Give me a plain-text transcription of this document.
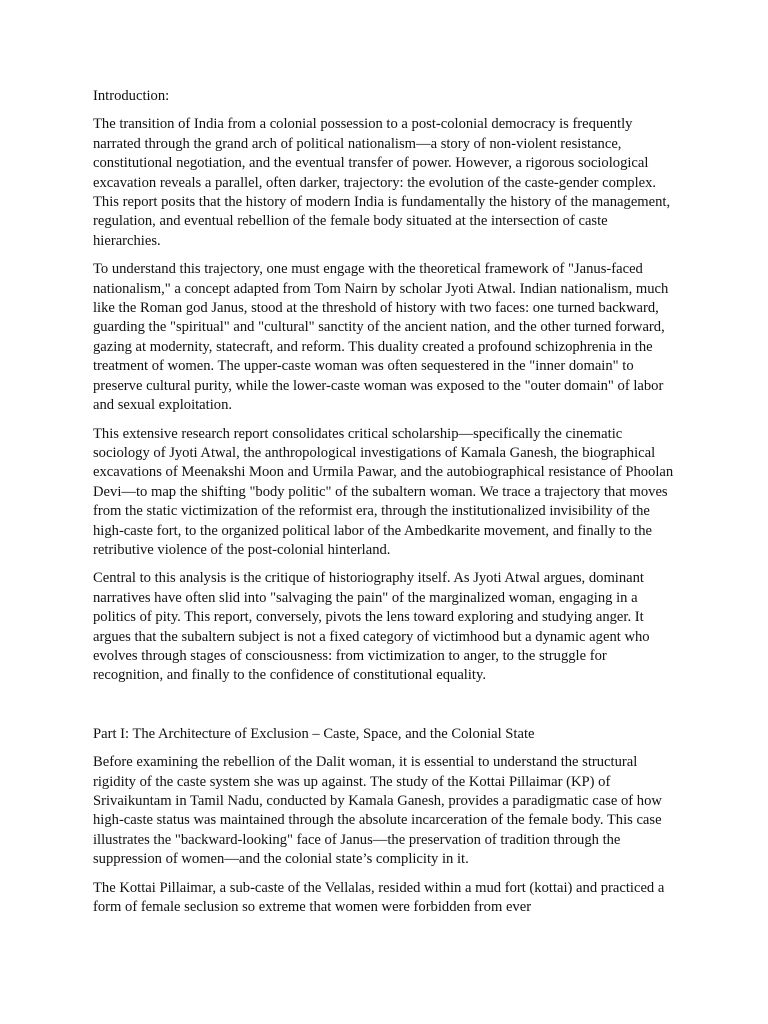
Introduction:

The transition of India from a colonial possession to a post-colonial democracy is frequently narrated through the grand arch of political nationalism—a story of non-violent resistance, constitutional negotiation, and the eventual transfer of power. However, a rigorous sociological excavation reveals a parallel, often darker, trajectory: the evolution of the caste-gender complex. This report posits that the history of modern India is fundamentally the history of the management, regulation, and eventual rebellion of the female body situated at the intersection of caste hierarchies.

To understand this trajectory, one must engage with the theoretical framework of "Janus-faced nationalism," a concept adapted from Tom Nairn by scholar Jyoti Atwal. Indian nationalism, much like the Roman god Janus, stood at the threshold of history with two faces: one turned backward, guarding the "spiritual" and "cultural" sanctity of the ancient nation, and the other turned forward, gazing at modernity, statecraft, and reform. This duality created a profound schizophrenia in the treatment of women. The upper-caste woman was often sequestered in the "inner domain" to preserve cultural purity, while the lower-caste woman was exposed to the "outer domain" of labor and sexual exploitation.

This extensive research report consolidates critical scholarship—specifically the cinematic sociology of Jyoti Atwal, the anthropological investigations of Kamala Ganesh, the biographical excavations of Meenakshi Moon and Urmila Pawar, and the autobiographical resistance of Phoolan Devi—to map the shifting "body politic" of the subaltern woman. We trace a trajectory that moves from the static victimization of the reformist era, through the institutionalized invisibility of the high-caste fort, to the organized political labor of the Ambedkarite movement, and finally to the retributive violence of the post-colonial hinterland.

Central to this analysis is the critique of historiography itself. As Jyoti Atwal argues, dominant narratives have often slid into "salvaging the pain" of the marginalized woman, engaging in a politics of pity. This report, conversely, pivots the lens toward exploring and studying anger. It argues that the subaltern subject is not a fixed category of victimhood but a dynamic agent who evolves through stages of consciousness: from victimization to anger, to the struggle for recognition, and finally to the confidence of constitutional equality.

Part I: The Architecture of Exclusion – Caste, Space, and the Colonial State

Before examining the rebellion of the Dalit woman, it is essential to understand the structural rigidity of the caste system she was up against. The study of the Kottai Pillaimar (KP) of Srivaikuntam in Tamil Nadu, conducted by Kamala Ganesh, provides a paradigmatic case of how high-caste status was maintained through the absolute incarceration of the female body. This case illustrates the "backward-looking" face of Janus—the preservation of tradition through the suppression of women—and the colonial state’s complicity in it.

The Kottai Pillaimar, a sub-caste of the Vellalas, resided within a mud fort (kottai) and practiced a form of female seclusion so extreme that women were forbidden from ever
